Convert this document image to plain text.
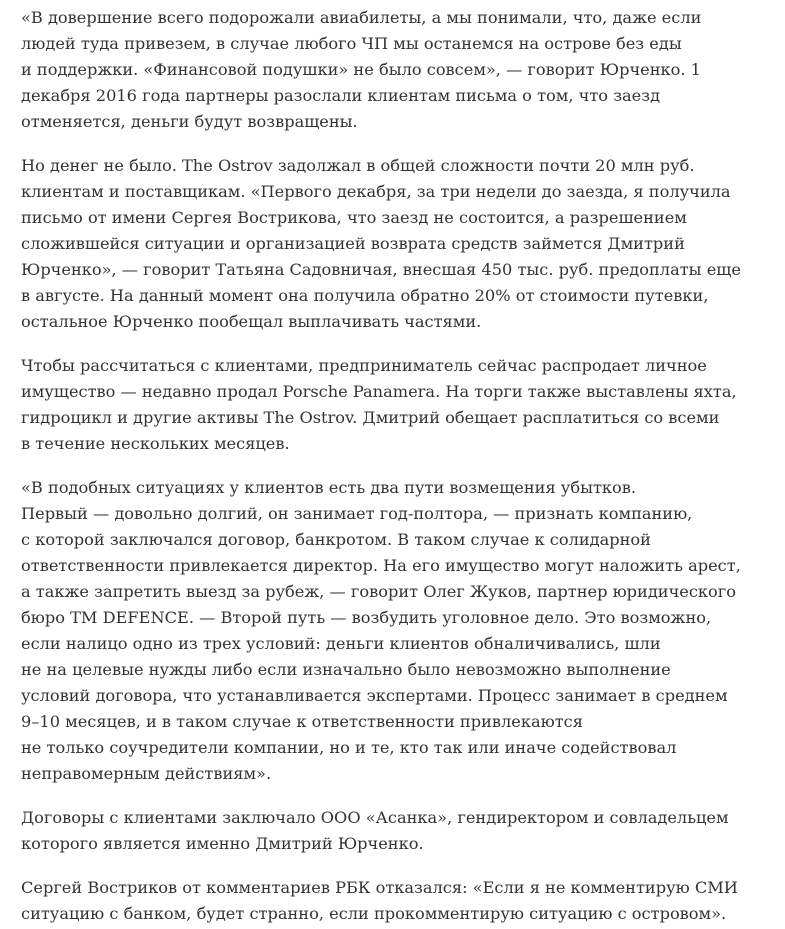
«В довершение всего подорожали авиабилеты, а мы понимали, что, даже если
людей туда привезем, в случае любого ЧП мы останемся на острове без еды
и поддержки. «Финансовой подушки» не было совсем», — говорит Юрченко. 1
декабря 2016 года партнеры разослали клиентам письма о том, что заезд
отменяется, деньги будут возвращены.

Но денег не было. The Ostrov задолжал в общей сложности почти 20 млн руб.
клиентам и поставщикам. «Первого декабря, за три недели до заезда, я получила
письмо от имени Сергея Вострикова, что заезд не состоится, а разрешением
сложившейся ситуации и организацией возврата средств займется Дмитрий
Юрченко», — говорит Татьяна Садовничая, внесшая 450 тыс. руб. предоплаты еще
в августе. На данный момент она получила обратно 20% от стоимости путевки,
остальное Юрченко пообещал выплачивать частями.

Чтобы рассчитаться с клиентами, предприниматель сейчас распродает личное
имущество — недавно продал Porsche Panamera. На торги также выставлены яхта,
гидроцикл и другие активы The Ostrov. Дмитрий обещает расплатиться со всеми
в течение нескольких месяцев.

«В подобных ситуациях у клиентов есть два пути возмещения убытков.
Первый — довольно долгий, он занимает год-полтора, — признать компанию,
с которой заключался договор, банкротом. В таком случае к солидарной
ответственности привлекается директор. На его имущество могут наложить арест,
а также запретить выезд за рубеж, — говорит Олег Жуков, партнер юридического
бюро TM DEFENCE. — Второй путь — возбудить уголовное дело. Это возможно,
если налицо одно из трех условий: деньги клиентов обналичивались, шли
не на целевые нужды либо если изначально было невозможно выполнение
условий договора, что устанавливается экспертами. Процесс занимает в среднем
9–10 месяцев, и в таком случае к ответственности привлекаются
не только соучредители компании, но и те, кто так или иначе содействовал
неправомерным действиям».

Договоры с клиентами заключало ООО «Асанка», гендиректором и совладельцем
которого является именно Дмитрий Юрченко.

Сергей Востриков от комментариев РБК отказался: «Если я не комментирую СМИ
ситуацию с банком, будет странно, если прокомментирую ситуацию с островом».
